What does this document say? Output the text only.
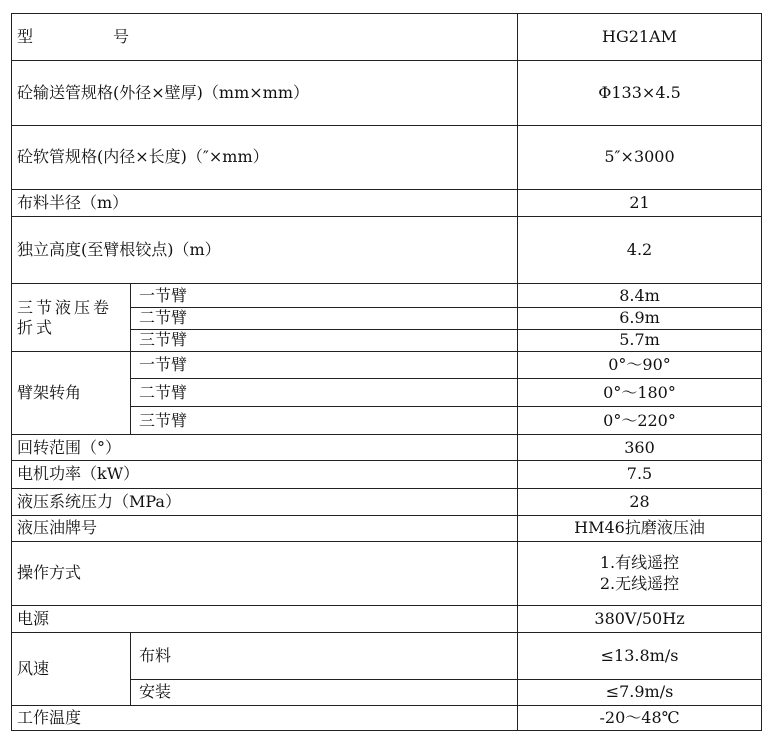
型　　　　　号		HG21AM
砼输送管规格(外径×壁厚)（mm×mm）		Φ133×4.5
砼软管规格(内径×长度)（″×mm）		5″×3000
布料半径（m）		21
独立高度(至臂根铰点)（m）		4.2
三节液压卷折式	一节臂	8.4m
	二节臂	6.9m
	三节臂	5.7m
臂架转角	一节臂	0°～90°
	二节臂	0°～180°
	三节臂	0°～220°
回转范围（°）		360
电机功率（kW）		7.5
液压系统压力（MPa）		28
液压油牌号		HM46抗磨液压油
操作方式		1.有线遥控
2.无线遥控

电源		380V/50Hz
风速	布料	≤13.8m/s
	安装	≤7.9m/s
工作温度		-20～48℃
